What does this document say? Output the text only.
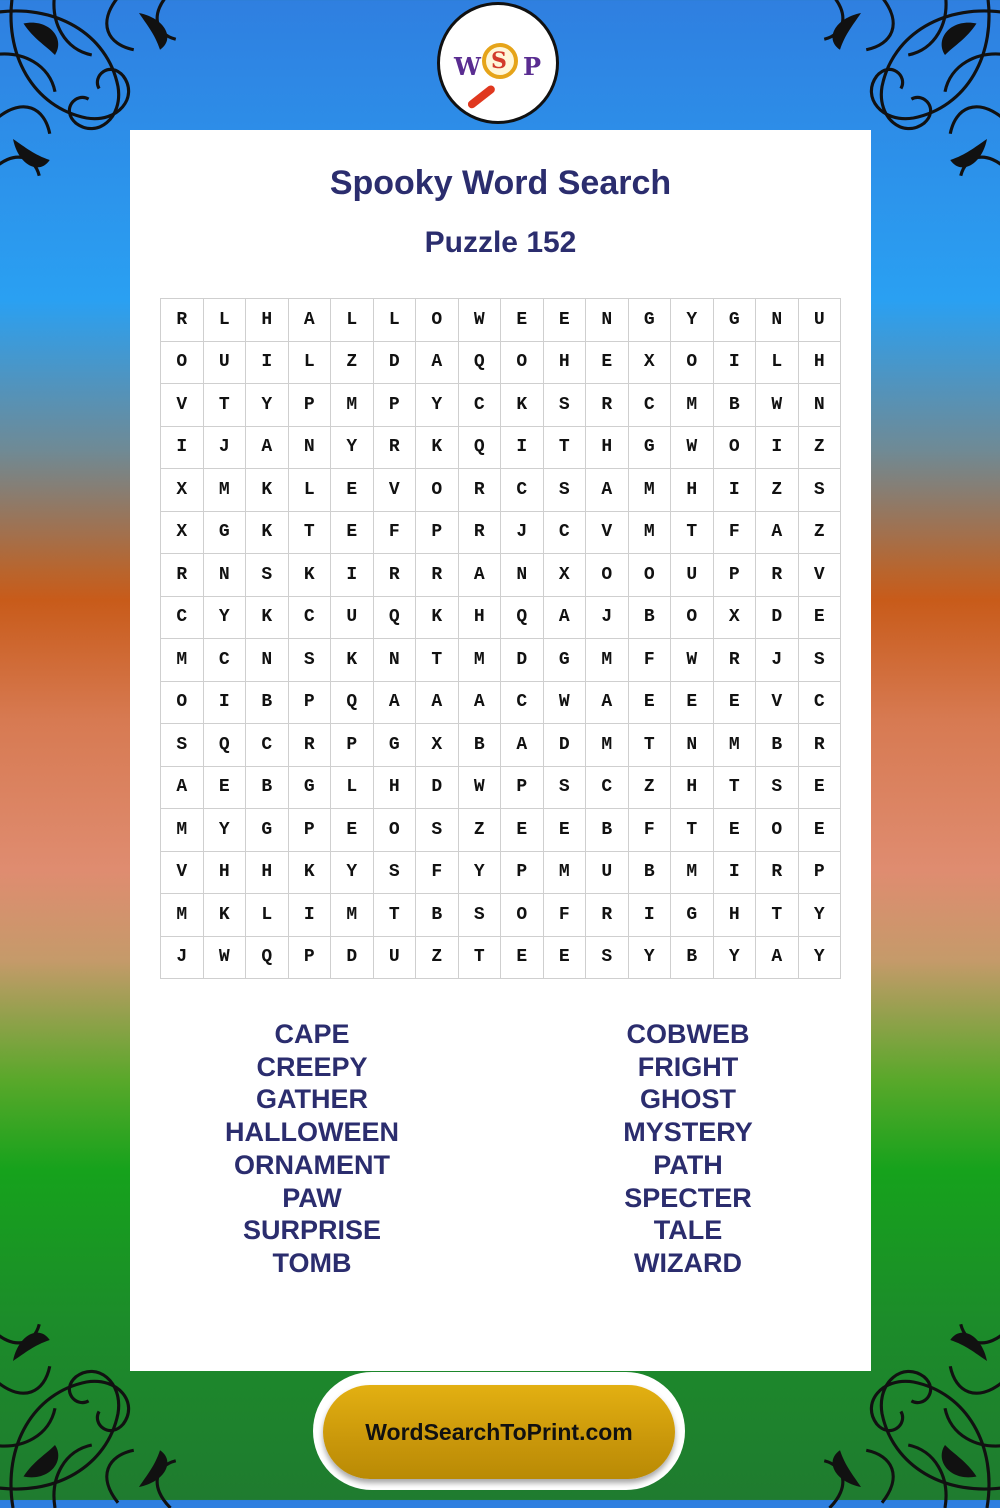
W S P
Spooky Word Search
Puzzle 152
R	L	H	A	L	L	O	W	E	E	N	G	Y	G	N	U
O	U	I	L	Z	D	A	Q	O	H	E	X	O	I	L	H
V	T	Y	P	M	P	Y	C	K	S	R	C	M	B	W	N
I	J	A	N	Y	R	K	Q	I	T	H	G	W	O	I	Z
X	M	K	L	E	V	O	R	C	S	A	M	H	I	Z	S
X	G	K	T	E	F	P	R	J	C	V	M	T	F	A	Z
R	N	S	K	I	R	R	A	N	X	O	O	U	P	R	V
C	Y	K	C	U	Q	K	H	Q	A	J	B	O	X	D	E
M	C	N	S	K	N	T	M	D	G	M	F	W	R	J	S
O	I	B	P	Q	A	A	A	C	W	A	E	E	E	V	C
S	Q	C	R	P	G	X	B	A	D	M	T	N	M	B	R
A	E	B	G	L	H	D	W	P	S	C	Z	H	T	S	E
M	Y	G	P	E	O	S	Z	E	E	B	F	T	E	O	E
V	H	H	K	Y	S	F	Y	P	M	U	B	M	I	R	P
M	K	L	I	M	T	B	S	O	F	R	I	G	H	T	Y
J	W	Q	P	D	U	Z	T	E	E	S	Y	B	Y	A	Y
CAPE
CREEPY
GATHER
HALLOWEEN
ORNAMENT
PAW
SURPRISE
TOMB
COBWEB
FRIGHT
GHOST
MYSTERY
PATH
SPECTER
TALE
WIZARD
WordSearchToPrint.com
